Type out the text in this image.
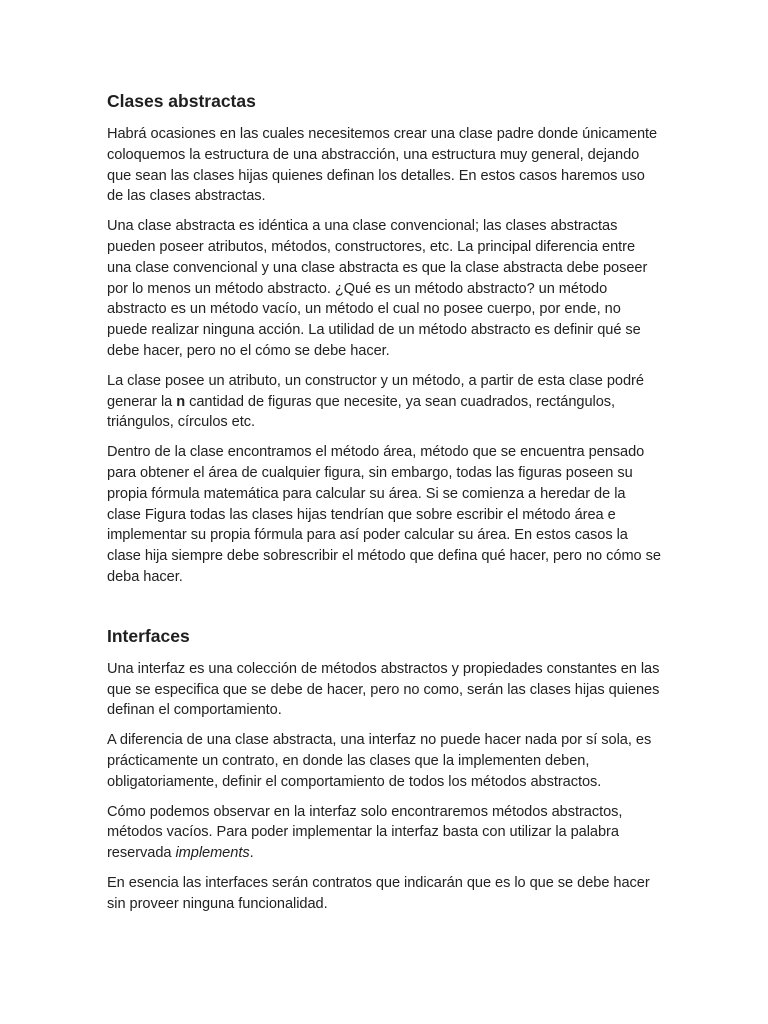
Clases abstractas

Habrá ocasiones en las cuales necesitemos crear una clase padre donde únicamente coloquemos la estructura de una abstracción, una estructura muy general, dejando que sean las clases hijas quienes definan los detalles. En estos casos haremos uso de las clases abstractas.

Una clase abstracta es idéntica a una clase convencional; las clases abstractas pueden poseer atributos, métodos, constructores, etc. La principal diferencia entre una clase convencional y una clase abstracta es que la clase abstracta debe poseer por lo menos un método abstracto. ¿Qué es un método abstracto? un método abstracto es un método vacío, un método el cual no posee cuerpo, por ende, no puede realizar ninguna acción. La utilidad de un método abstracto es definir qué se debe hacer, pero no el cómo se debe hacer.

La clase posee un atributo, un constructor y un método, a partir de esta clase podré generar la n cantidad de figuras que necesite, ya sean cuadrados, rectángulos, triángulos, círculos etc.

Dentro de la clase encontramos el método área, método que se encuentra pensado para obtener el área de cualquier figura, sin embargo, todas las figuras poseen su propia fórmula matemática para calcular su área. Si se comienza a heredar de la clase Figura todas las clases hijas tendrían que sobre escribir el método área e implementar su propia fórmula para así poder calcular su área. En estos casos la clase hija siempre debe sobrescribir el método que defina qué hacer, pero no cómo se deba hacer.

Interfaces

Una interfaz es una colección de métodos abstractos y propiedades constantes en las que se especifica que se debe de hacer, pero no como, serán las clases hijas quienes definan el comportamiento.

A diferencia de una clase abstracta, una interfaz no puede hacer nada por sí sola, es prácticamente un contrato, en donde las clases que la implementen deben, obligatoriamente, definir el comportamiento de todos los métodos abstractos.

Cómo podemos observar en la interfaz solo encontraremos métodos abstractos, métodos vacíos. Para poder implementar la interfaz basta con utilizar la palabra reservada implements.

En esencia las interfaces serán contratos que indicarán que es lo que se debe hacer sin proveer ninguna funcionalidad.
